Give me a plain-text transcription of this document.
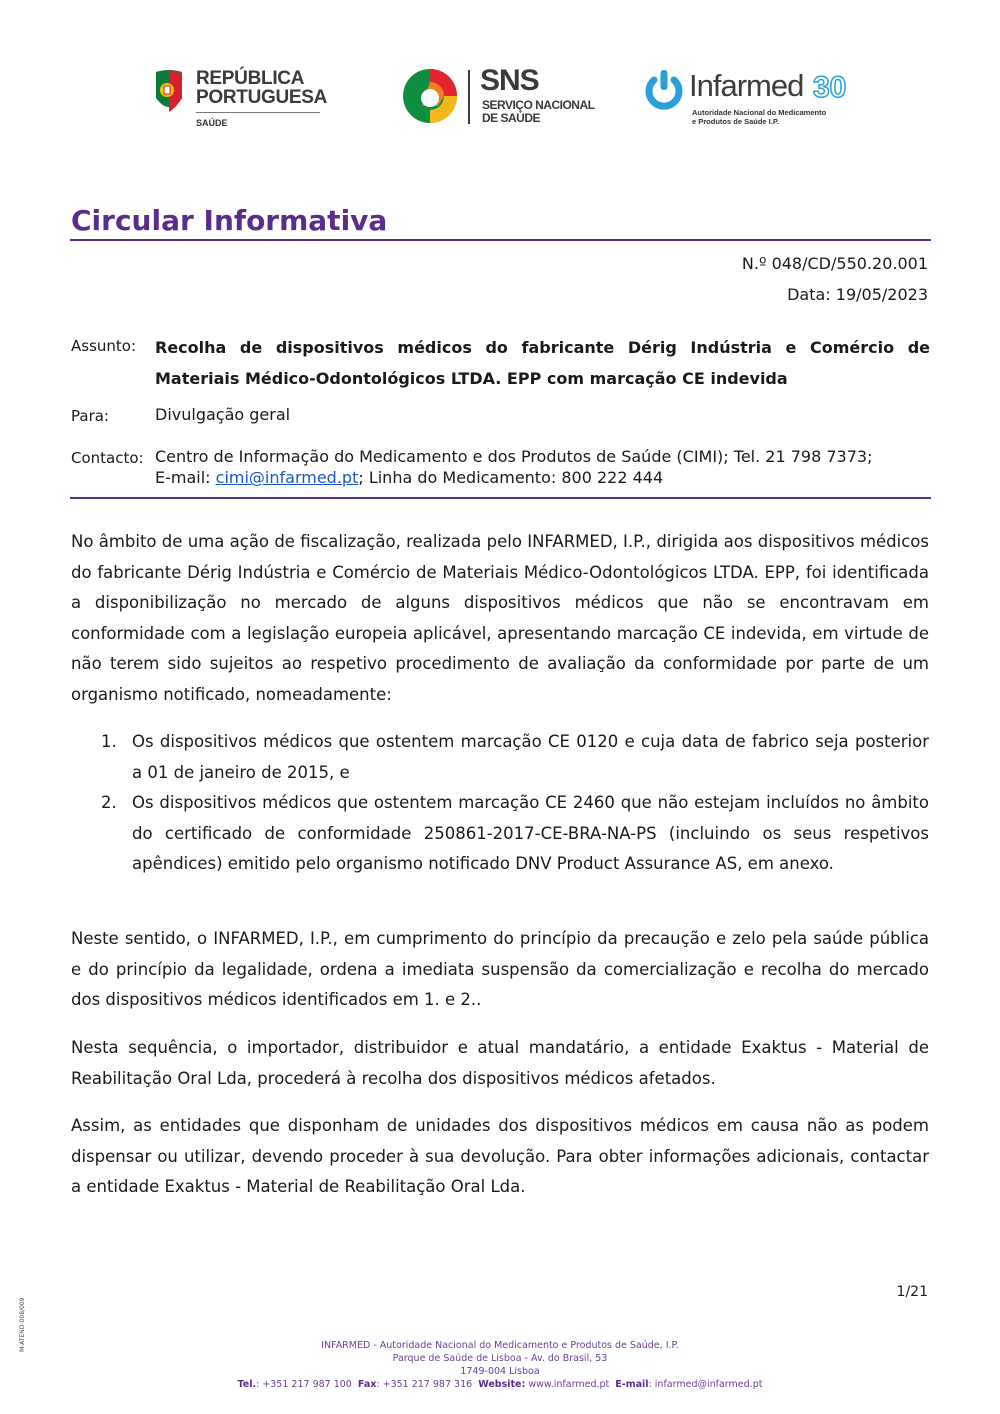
REPÚBLICA
PORTUGUESA
SAÚDE
SNS
SERVIÇO NACIONAL
DE SAÚDE
Infarmed 30
Autoridade Nacional do Medicamento
e Produtos de Saúde I.P.
Circular Informativa
N.º 048/CD/550.20.001
Data: 19/05/2023
Assunto: Recolha de dispositivos médicos do fabricante Dérig Indústria e Comércio de Materiais Médico-Odontológicos LTDA. EPP com marcação CE indevida
Para:	Divulgação geral
Contacto: Centro de Informação do Medicamento e dos Produtos de Saúde (CIMI); Tel. 21 798 7373;
E-mail: cimi@infarmed.pt; Linha do Medicamento: 800 222 444
No âmbito de uma ação de fiscalização, realizada pelo INFARMED, I.P., dirigida aos dispositivos médicos do fabricante Dérig Indústria e Comércio de Materiais Médico-Odontológicos LTDA. EPP, foi identificada a disponibilização no mercado de alguns dispositivos médicos que não se encontravam em conformidade com a legislação europeia aplicável, apresentando marcação CE indevida, em virtude de não terem sido sujeitos ao respetivo procedimento de avaliação da conformidade por parte de um organismo notificado, nomeadamente:
1. Os dispositivos médicos que ostentem marcação CE 0120 e cuja data de fabrico seja posterior a 01 de janeiro de 2015, e
2. Os dispositivos médicos que ostentem marcação CE 2460 que não estejam incluídos no âmbito do certificado de conformidade 250861-2017-CE-BRA-NA-PS (incluindo os seus respetivos apêndices) emitido pelo organismo notificado DNV Product Assurance AS, em anexo.
Neste sentido, o INFARMED, I.P., em cumprimento do princípio da precaução e zelo pela saúde pública e do princípio da legalidade, ordena a imediata suspensão da comercialização e recolha do mercado dos dispositivos médicos identificados em 1. e 2..
Nesta sequência, o importador, distribuidor e atual mandatário, a entidade Exaktus - Material de Reabilitação Oral Lda, procederá à recolha dos dispositivos médicos afetados.
Assim, as entidades que disponham de unidades dos dispositivos médicos em causa não as podem dispensar ou utilizar, devendo proceder à sua devolução. Para obter informações adicionais, contactar a entidade Exaktus - Material de Reabilitação Oral Lda.
1/21
INFARMED - Autoridade Nacional do Medicamento e Produtos de Saúde, I.P.
Parque de Saúde de Lisboa - Av. do Brasil, 53
1749-004 Lisboa
Tel.: +351 217 987 100 Fax: +351 217 987 316 Website: www.infarmed.pt E-mail: infarmed@infarmed.pt
M-ATEND-008/009
